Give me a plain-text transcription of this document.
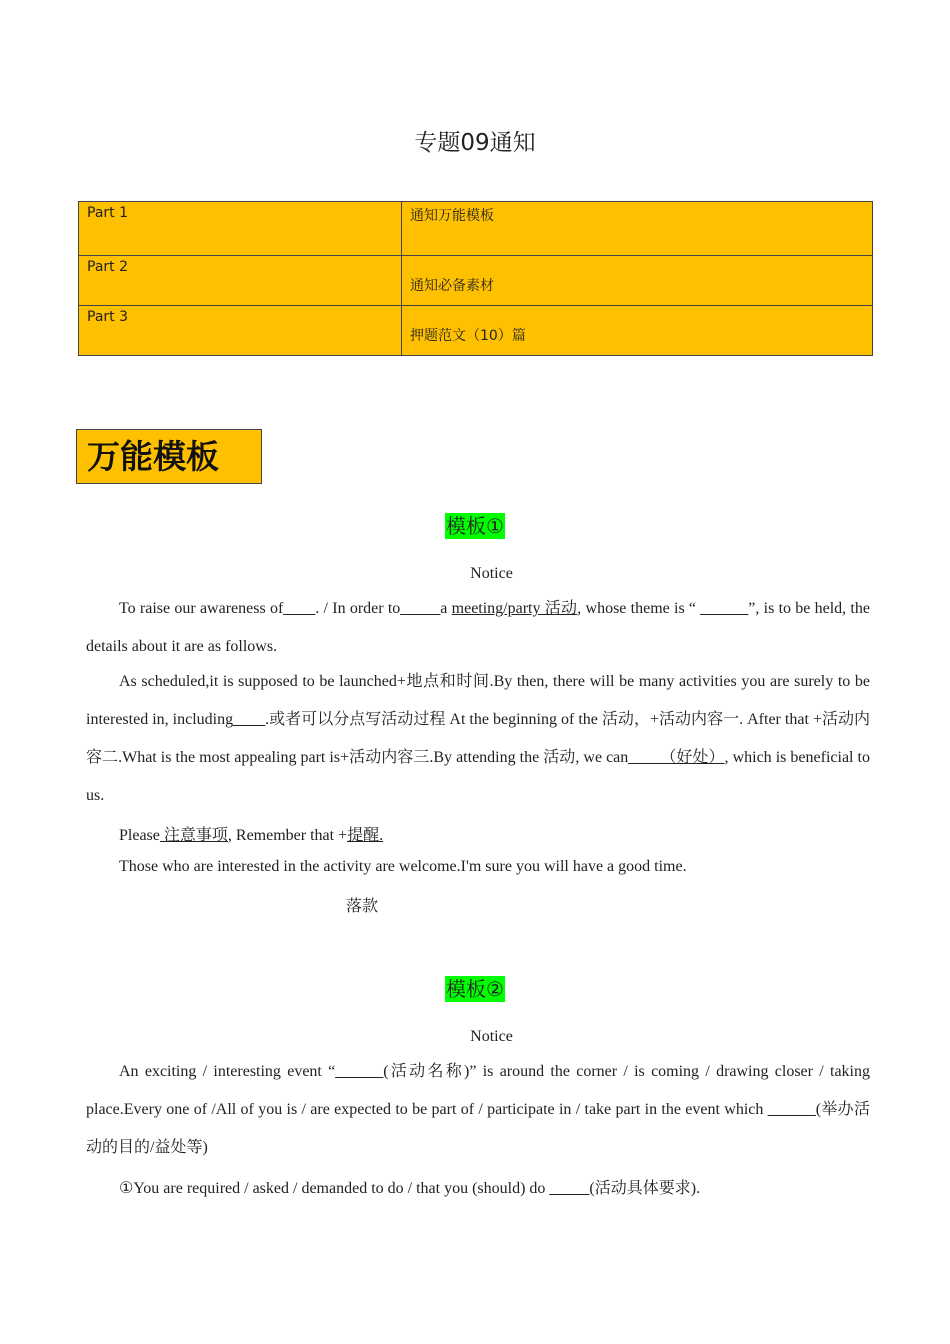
专题09通知
Part 1	通知万能模板
Part 2	通知必备素材

Part 3	押题范文（10）篇
万能模板
模板①
Notice
To raise our awareness of____. / In order to_____a meeting/party 活动, whose theme is “ ______”, is to be held, the details about it are as follows.
As scheduled,it is supposed to be launched+地点和时间.By then, there will be many activities you are surely to be interested in, including____.或者可以分点写活动过程 At the beginning of the 活动，+活动内容一. After that +活动内容二.What is the most appealing part is+活动内容三.By attending the 活动, we can____（好处）, which is beneficial to us.
Please 注意事项, Remember that +提醒.
Those who are interested in the activity are welcome.I'm sure you will have a good time.
落款
模板②
Notice
An exciting / interesting event “______(活动名称)” is around the corner / is coming / drawing closer / taking place.Every one of /All of you is / are expected to be part of / participate in / take part in the event which ______(举办活动的目的/益处等)
①You are required / asked / demanded to do / that you (should) do _____(活动具体要求).
